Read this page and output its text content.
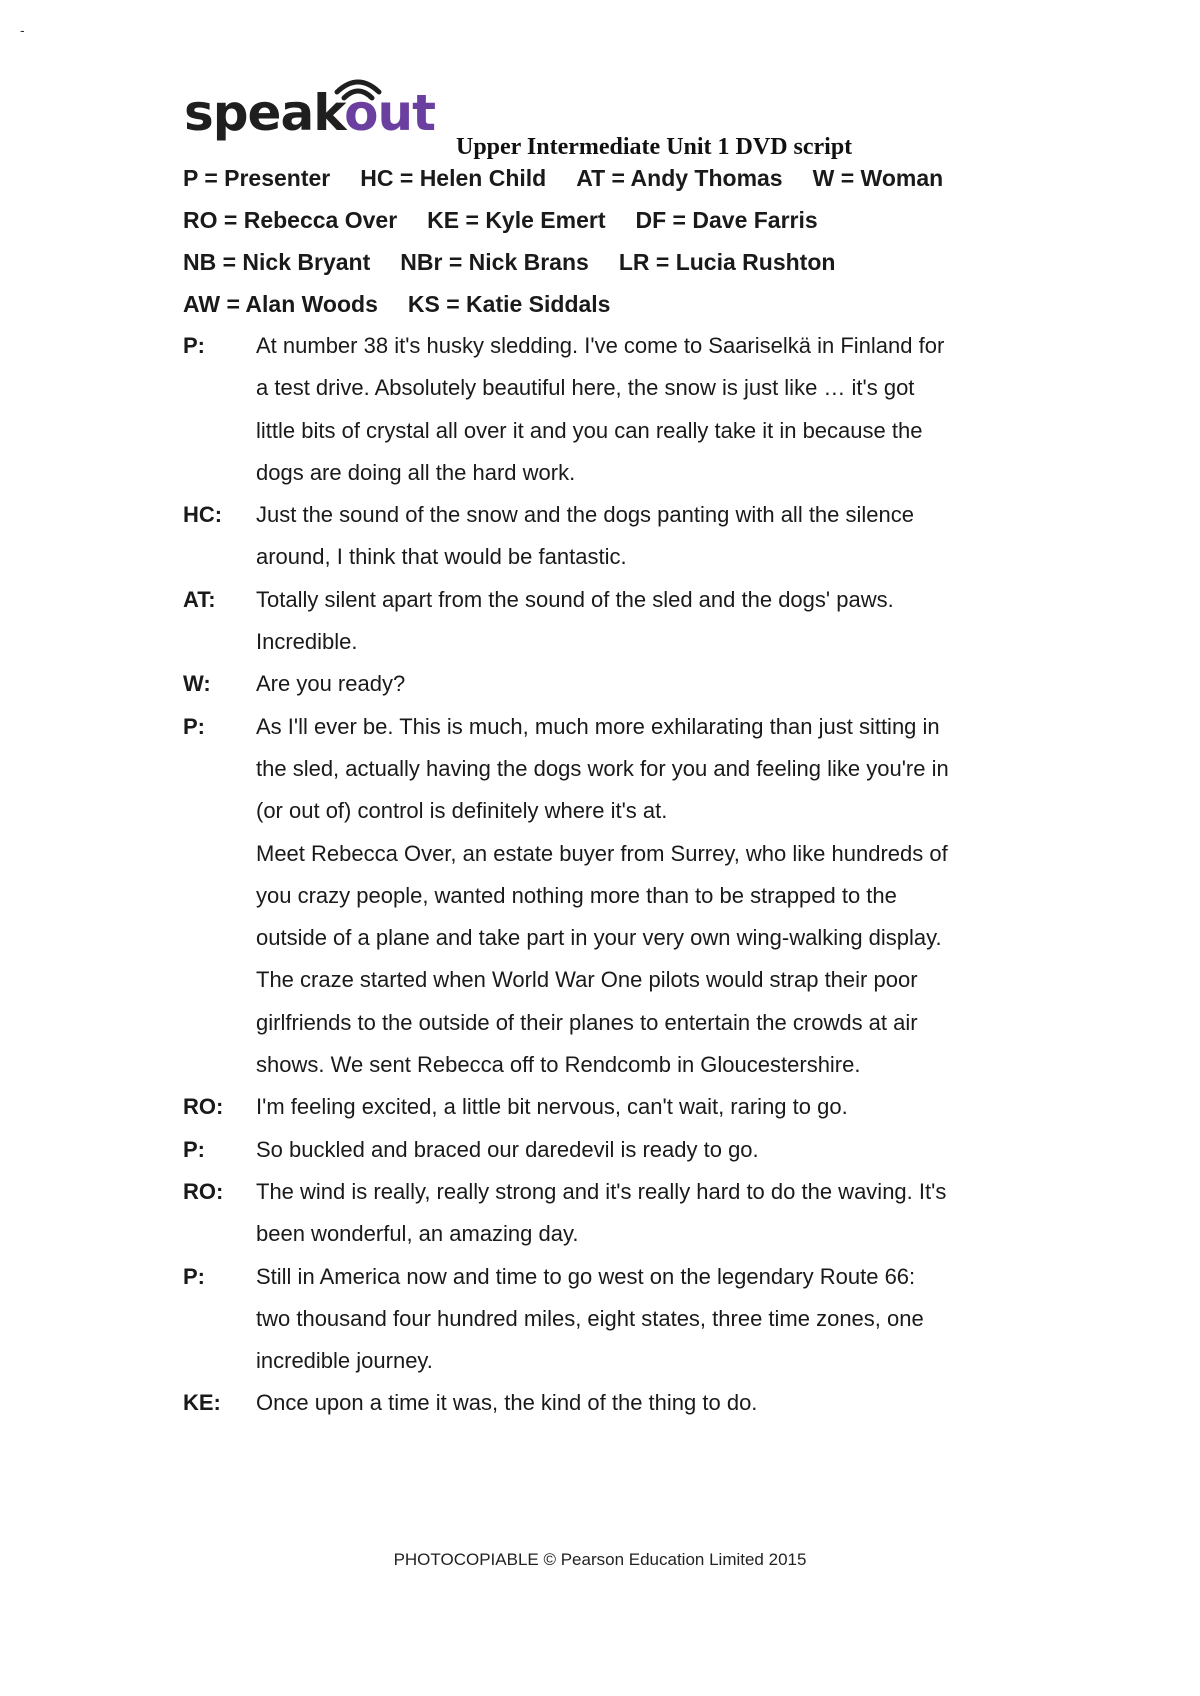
-
speakout
Upper Intermediate Unit 1 DVD script
P = Presenter HC = Helen Child AT = Andy Thomas W = Woman
RO = Rebecca Over KE = Kyle Emert DF = Dave Farris
NB = Nick Bryant NBr = Nick Brans LR = Lucia Rushton
AW = Alan Woods KS = Katie Siddals
P:	At number 38 it's husky sledding. I've come to Saariselkä in Finland for
a test drive. Absolutely beautiful here, the snow is just like … it's got
little bits of crystal all over it and you can really take it in because the
dogs are doing all the hard work.
HC:	Just the sound of the snow and the dogs panting with all the silence
around, I think that would be fantastic.
AT:	Totally silent apart from the sound of the sled and the dogs' paws.
Incredible.
W:	Are you ready?
P:	As I'll ever be. This is much, much more exhilarating than just sitting in
the sled, actually having the dogs work for you and feeling like you're in
(or out of) control is definitely where it's at.
Meet Rebecca Over, an estate buyer from Surrey, who like hundreds of
you crazy people, wanted nothing more than to be strapped to the
outside of a plane and take part in your very own wing-walking display.
The craze started when World War One pilots would strap their poor
girlfriends to the outside of their planes to entertain the crowds at air
shows. We sent Rebecca off to Rendcomb in Gloucestershire.
RO:	I'm feeling excited, a little bit nervous, can't wait, raring to go.
P:	So buckled and braced our daredevil is ready to go.
RO:	The wind is really, really strong and it's really hard to do the waving. It's
been wonderful, an amazing day.
P:	Still in America now and time to go west on the legendary Route 66:
two thousand four hundred miles, eight states, three time zones, one
incredible journey.
KE:	Once upon a time it was, the kind of the thing to do.
PHOTOCOPIABLE © Pearson Education Limited 2015
